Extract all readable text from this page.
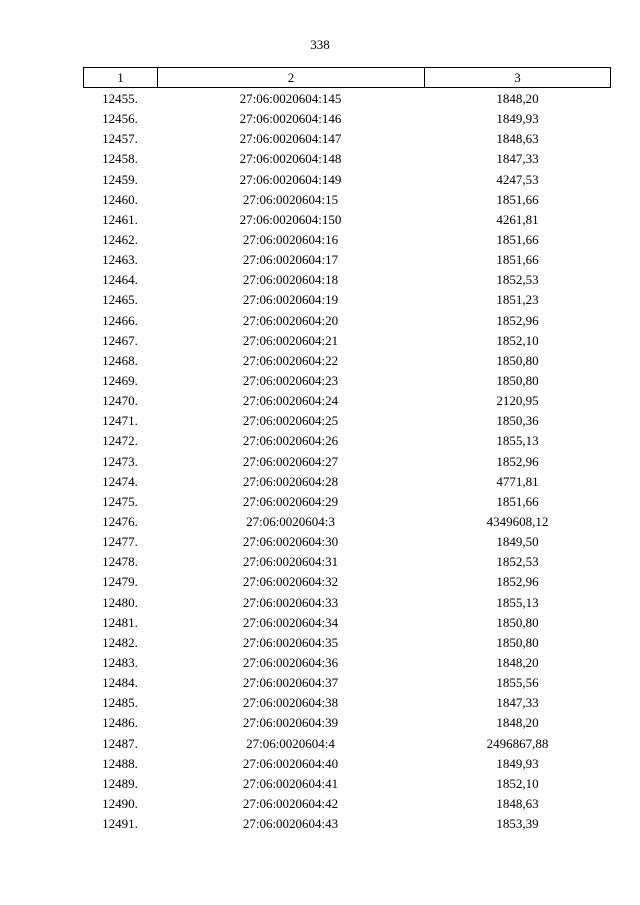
338
1	2	3
12455.	27:06:0020604:145	1848,20
12456.	27:06:0020604:146	1849,93
12457.	27:06:0020604:147	1848,63
12458.	27:06:0020604:148	1847,33
12459.	27:06:0020604:149	4247,53
12460.	27:06:0020604:15	1851,66
12461.	27:06:0020604:150	4261,81
12462.	27:06:0020604:16	1851,66
12463.	27:06:0020604:17	1851,66
12464.	27:06:0020604:18	1852,53
12465.	27:06:0020604:19	1851,23
12466.	27:06:0020604:20	1852,96
12467.	27:06:0020604:21	1852,10
12468.	27:06:0020604:22	1850,80
12469.	27:06:0020604:23	1850,80
12470.	27:06:0020604:24	2120,95
12471.	27:06:0020604:25	1850,36
12472.	27:06:0020604:26	1855,13
12473.	27:06:0020604:27	1852,96
12474.	27:06:0020604:28	4771,81
12475.	27:06:0020604:29	1851,66
12476.	27:06:0020604:3	4349608,12
12477.	27:06:0020604:30	1849,50
12478.	27:06:0020604:31	1852,53
12479.	27:06:0020604:32	1852,96
12480.	27:06:0020604:33	1855,13
12481.	27:06:0020604:34	1850,80
12482.	27:06:0020604:35	1850,80
12483.	27:06:0020604:36	1848,20
12484.	27:06:0020604:37	1855,56
12485.	27:06:0020604:38	1847,33
12486.	27:06:0020604:39	1848,20
12487.	27:06:0020604:4	2496867,88
12488.	27:06:0020604:40	1849,93
12489.	27:06:0020604:41	1852,10
12490.	27:06:0020604:42	1848,63
12491.	27:06:0020604:43	1853,39
